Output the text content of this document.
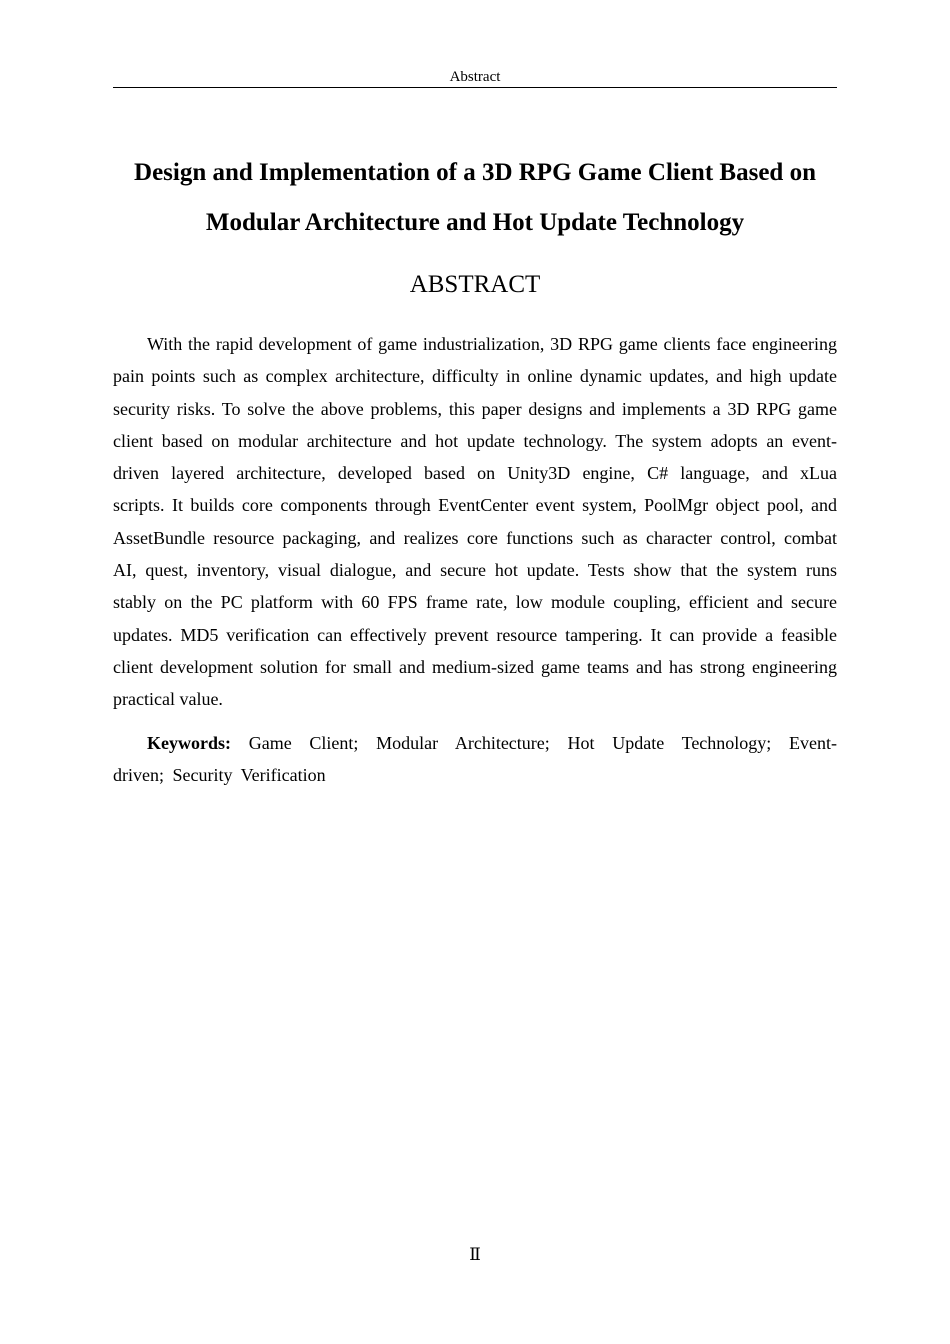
Abstract
Design and Implementation of a 3D RPG Game Client Based on
Modular Architecture and Hot Update Technology
ABSTRACT
With the rapid development of game industrialization, 3D RPG game clients face engineering
pain points such as complex architecture, difficulty in online dynamic updates, and high update
security risks. To solve the above problems, this paper designs and implements a 3D RPG game
client based on modular architecture and hot update technology. The system adopts an event-
driven layered architecture, developed based on Unity3D engine, C# language, and xLua
scripts. It builds core components through EventCenter event system, PoolMgr object pool, and
AssetBundle resource packaging, and realizes core functions such as character control, combat
AI, quest, inventory, visual dialogue, and secure hot update. Tests show that the system runs
stably on the PC platform with 60 FPS frame rate, low module coupling, efficient and secure
updates. MD5 verification can effectively prevent resource tampering. It can provide a feasible
client development solution for small and medium-sized game teams and has strong engineering
practical value.
Keywords: Game Client; Modular Architecture; Hot Update Technology; Event-
driven; Security Verification
Ⅱ
